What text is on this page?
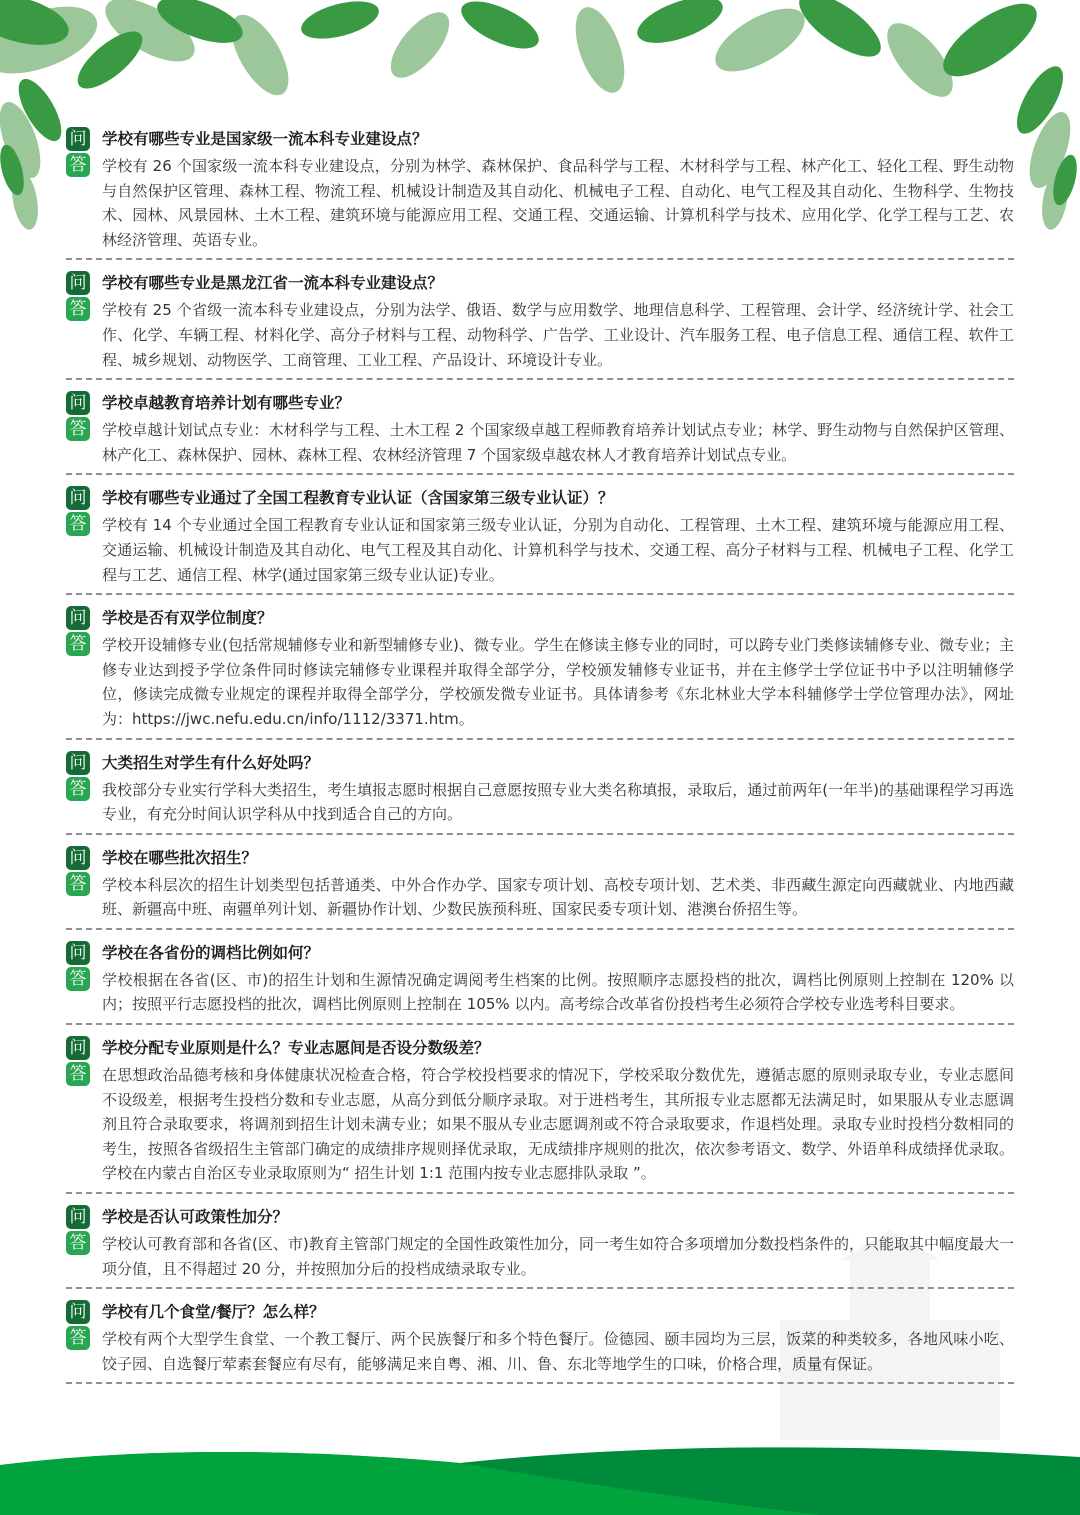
问 学校有哪些专业是国家级一流本科专业建设点？
答 学校有 26 个国家级一流本科专业建设点，分别为林学、森林保护、食品科学与工程、木材科学与工程、林产化工、轻化工程、野生动物与自然保护区管理、森林工程、物流工程、机械设计制造及其自动化、机械电子工程、自动化、电气工程及其自动化、生物科学、生物技术、园林、风景园林、土木工程、建筑环境与能源应用工程、交通工程、交通运输、计算机科学与技术、应用化学、化学工程与工艺、农林经济管理、英语专业。
问 学校有哪些专业是黑龙江省一流本科专业建设点？
答 学校有 25 个省级一流本科专业建设点，分别为法学、俄语、数学与应用数学、地理信息科学、工程管理、会计学、经济统计学、社会工作、化学、车辆工程、材料化学、高分子材料与工程、动物科学、广告学、工业设计、汽车服务工程、电子信息工程、通信工程、软件工程、城乡规划、动物医学、工商管理、工业工程、产品设计、环境设计专业。
问 学校卓越教育培养计划有哪些专业？
答 学校卓越计划试点专业：木材科学与工程、土木工程 2 个国家级卓越工程师教育培养计划试点专业；林学、野生动物与自然保护区管理、林产化工、森林保护、园林、森林工程、农林经济管理 7 个国家级卓越农林人才教育培养计划试点专业。
问 学校有哪些专业通过了全国工程教育专业认证（含国家第三级专业认证）？
答 学校有 14 个专业通过全国工程教育专业认证和国家第三级专业认证，分别为自动化、工程管理、土木工程、建筑环境与能源应用工程、交通运输、机械设计制造及其自动化、电气工程及其自动化、计算机科学与技术、交通工程、高分子材料与工程、机械电子工程、化学工程与工艺、通信工程、林学(通过国家第三级专业认证)专业。
问 学校是否有双学位制度？
答 学校开设辅修专业(包括常规辅修专业和新型辅修专业)、微专业。学生在修读主修专业的同时，可以跨专业门类修读辅修专业、微专业；主修专业达到授予学位条件同时修读完辅修专业课程并取得全部学分，学校颁发辅修专业证书，并在主修学士学位证书中予以注明辅修学位，修读完成微专业规定的课程并取得全部学分，学校颁发微专业证书。具体请参考《东北林业大学本科辅修学士学位管理办法》，网址为：https://jwc.nefu.edu.cn/info/1112/3371.htm。
问 大类招生对学生有什么好处吗？
答 我校部分专业实行学科大类招生，考生填报志愿时根据自己意愿按照专业大类名称填报，录取后，通过前两年(一年半)的基础课程学习再选专业，有充分时间认识学科从中找到适合自己的方向。
问 学校在哪些批次招生？
答 学校本科层次的招生计划类型包括普通类、中外合作办学、国家专项计划、高校专项计划、艺术类、非西藏生源定向西藏就业、内地西藏班、新疆高中班、南疆单列计划、新疆协作计划、少数民族预科班、国家民委专项计划、港澳台侨招生等。
问 学校在各省份的调档比例如何？
答 学校根据在各省(区、市)的招生计划和生源情况确定调阅考生档案的比例。按照顺序志愿投档的批次，调档比例原则上控制在 120% 以内；按照平行志愿投档的批次，调档比例原则上控制在 105% 以内。高考综合改革省份投档考生必须符合学校专业选考科目要求。
问 学校分配专业原则是什么？专业志愿间是否设分数级差？
答 在思想政治品德考核和身体健康状况检查合格，符合学校投档要求的情况下，学校采取分数优先，遵循志愿的原则录取专业，专业志愿间不设级差，根据考生投档分数和专业志愿，从高分到低分顺序录取。对于进档考生，其所报专业志愿都无法满足时，如果服从专业志愿调剂且符合录取要求，将调剂到招生计划未满专业；如果不服从专业志愿调剂或不符合录取要求，作退档处理。录取专业时投档分数相同的考生，按照各省级招生主管部门确定的成绩排序规则择优录取，无成绩排序规则的批次，依次参考语文、数学、外语单科成绩择优录取。学校在内蒙古自治区专业录取原则为“ 招生计划 1:1 范围内按专业志愿排队录取 ”。
问 学校是否认可政策性加分？
答 学校认可教育部和各省(区、市)教育主管部门规定的全国性政策性加分，同一考生如符合多项增加分数投档条件的，只能取其中幅度最大一项分值，且不得超过 20 分，并按照加分后的投档成绩录取专业。
问 学校有几个食堂/餐厅？怎么样？
答 学校有两个大型学生食堂、一个教工餐厅、两个民族餐厅和多个特色餐厅。俭德园、颐丰园均为三层，饭菜的种类较多，各地风味小吃、饺子园、自选餐厅荤素套餐应有尽有，能够满足来自粤、湘、川、鲁、东北等地学生的口味，价格合理，质量有保证。
